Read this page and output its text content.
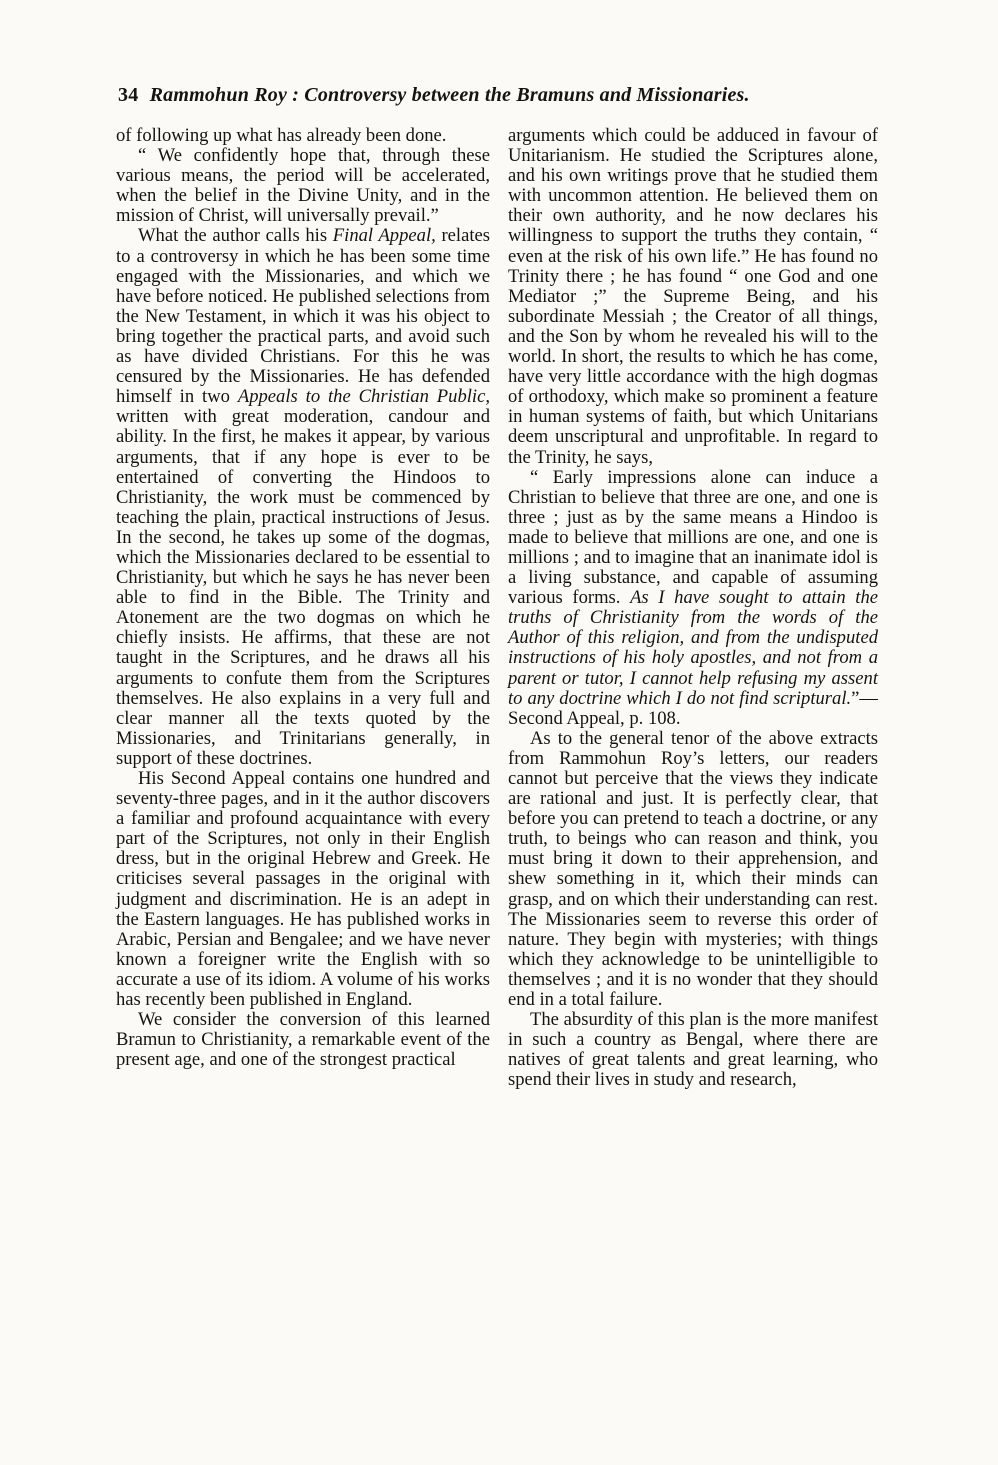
34 Rammohun Roy : Controversy between the Bramuns and Missionaries.

of following up what has already been done.

“ We confidently hope that, through these various means, the period will be accelerated, when the belief in the Divine Unity, and in the mission of Christ, will universally prevail.”

What the author calls his Final Appeal, relates to a controversy in which he has been some time engaged with the Missionaries, and which we have before noticed. He published selections from the New Testament, in which it was his object to bring together the practical parts, and avoid such as have divided Christians. For this he was censured by the Missionaries. He has defended himself in two Appeals to the Christian Public, written with great moderation, candour and ability. In the first, he makes it appear, by various arguments, that if any hope is ever to be entertained of converting the Hindoos to Christianity, the work must be commenced by teaching the plain, practical instructions of Jesus. In the second, he takes up some of the dogmas, which the Missionaries declared to be essential to Christianity, but which he says he has never been able to find in the Bible. The Trinity and Atonement are the two dogmas on which he chiefly insists. He affirms, that these are not taught in the Scriptures, and he draws all his arguments to confute them from the Scriptures themselves. He also explains in a very full and clear manner all the texts quoted by the Missionaries, and Trinitarians generally, in support of these doctrines.

His Second Appeal contains one hundred and seventy-three pages, and in it the author discovers a familiar and profound acquaintance with every part of the Scriptures, not only in their English dress, but in the original Hebrew and Greek. He criticises several passages in the original with judgment and discrimination. He is an adept in the Eastern languages. He has published works in Arabic, Persian and Bengalee; and we have never known a foreigner write the English with so accurate a use of its idiom. A volume of his works has recently been published in England.

We consider the conversion of this learned Bramun to Christianity, a remarkable event of the present age, and one of the strongest practical

arguments which could be adduced in favour of Unitarianism. He studied the Scriptures alone, and his own writings prove that he studied them with uncommon attention. He believed them on their own authority, and he now declares his willingness to support the truths they contain, “ even at the risk of his own life.” He has found no Trinity there ; he has found “ one God and one Mediator ;” the Supreme Being, and his subordinate Messiah ; the Creator of all things, and the Son by whom he revealed his will to the world. In short, the results to which he has come, have very little accordance with the high dogmas of orthodoxy, which make so prominent a feature in human systems of faith, but which Unitarians deem unscriptural and unprofitable. In regard to the Trinity, he says,

“ Early impressions alone can induce a Christian to believe that three are one, and one is three ; just as by the same means a Hindoo is made to believe that millions are one, and one is millions ; and to imagine that an inanimate idol is a living substance, and capable of assuming various forms. As I have sought to attain the truths of Christianity from the words of the Author of this religion, and from the undisputed instructions of his holy apostles, and not from a parent or tutor, I cannot help refusing my assent to any doctrine which I do not find scriptural.”—Second Appeal, p. 108.

As to the general tenor of the above extracts from Rammohun Roy’s letters, our readers cannot but perceive that the views they indicate are rational and just. It is perfectly clear, that before you can pretend to teach a doctrine, or any truth, to beings who can reason and think, you must bring it down to their apprehension, and shew something in it, which their minds can grasp, and on which their understanding can rest. The Missionaries seem to reverse this order of nature. They begin with mysteries; with things which they acknowledge to be unintelligible to themselves ; and it is no wonder that they should end in a total failure.

The absurdity of this plan is the more manifest in such a country as Bengal, where there are natives of great talents and great learning, who spend their lives in study and research,
